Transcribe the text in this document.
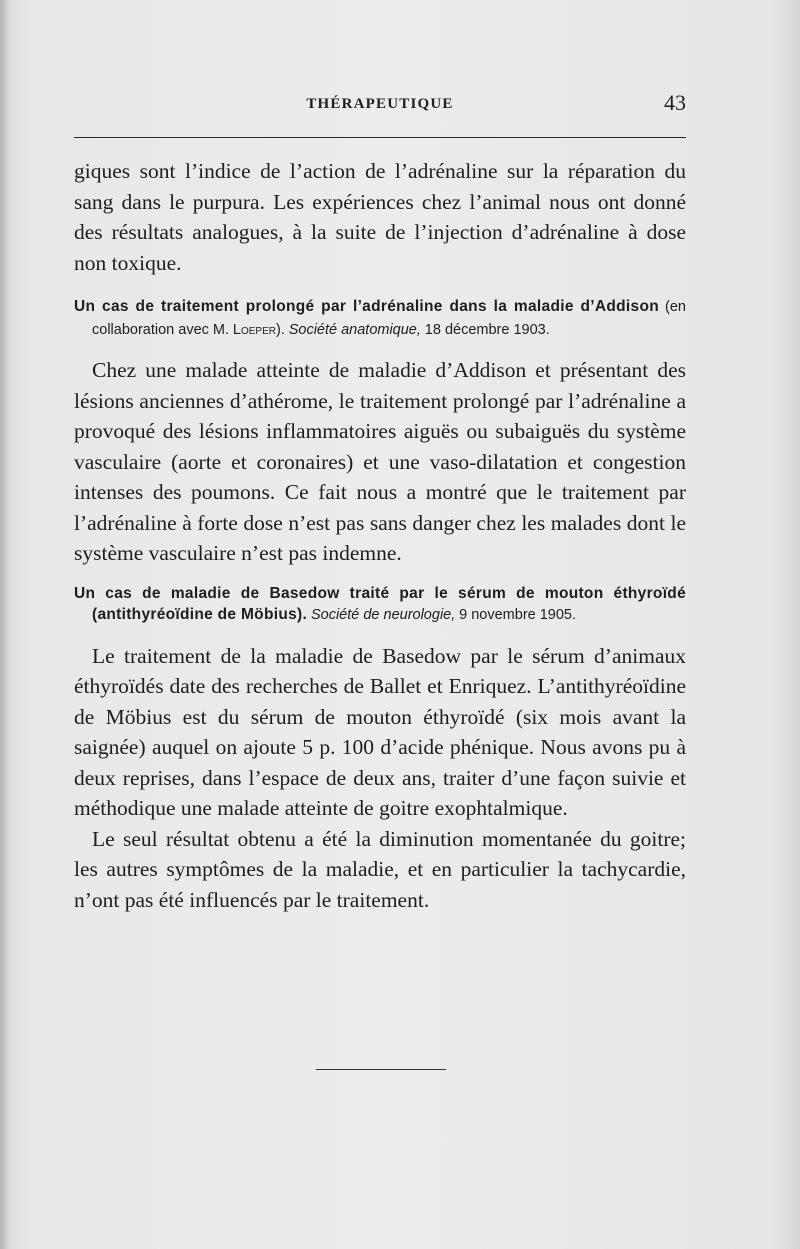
THÉRAPEUTIQUE	43

giques sont l’indice de l’action de l’adrénaline sur la réparation du sang dans le purpura. Les expériences chez l’animal nous ont donné des résultats analogues, à la suite de l’injection d’adrénaline à dose non toxique.

Un cas de traitement prolongé par l’adrénaline dans la maladie d’Addison (en collaboration avec M. Loeper). Société anatomique, 18 décembre 1903.

Chez une malade atteinte de maladie d’Addison et présentant des lésions anciennes d’athérome, le traitement prolongé par l’adrénaline a provoqué des lésions inflammatoires aiguës ou subaiguës du système vasculaire (aorte et coronaires) et une vaso-dilatation et congestion intenses des poumons. Ce fait nous a montré que le traitement par l’adrénaline à forte dose n’est pas sans danger chez les malades dont le système vasculaire n’est pas indemne.

Un cas de maladie de Basedow traité par le sérum de mouton éthyroïdé (antithyréoïdine de Möbius). Société de neurologie, 9 novembre 1905.

Le traitement de la maladie de Basedow par le sérum d’animaux éthyroïdés date des recherches de Ballet et Enriquez. L’antithyréoïdine de Möbius est du sérum de mouton éthyroïdé (six mois avant la saignée) auquel on ajoute 5 p. 100 d’acide phénique. Nous avons pu à deux reprises, dans l’espace de deux ans, traiter d’une façon suivie et méthodique une malade atteinte de goitre exophtalmique.

Le seul résultat obtenu a été la diminution momentanée du goitre; les autres symptômes de la maladie, et en particulier la tachycardie, n’ont pas été influencés par le traitement.
